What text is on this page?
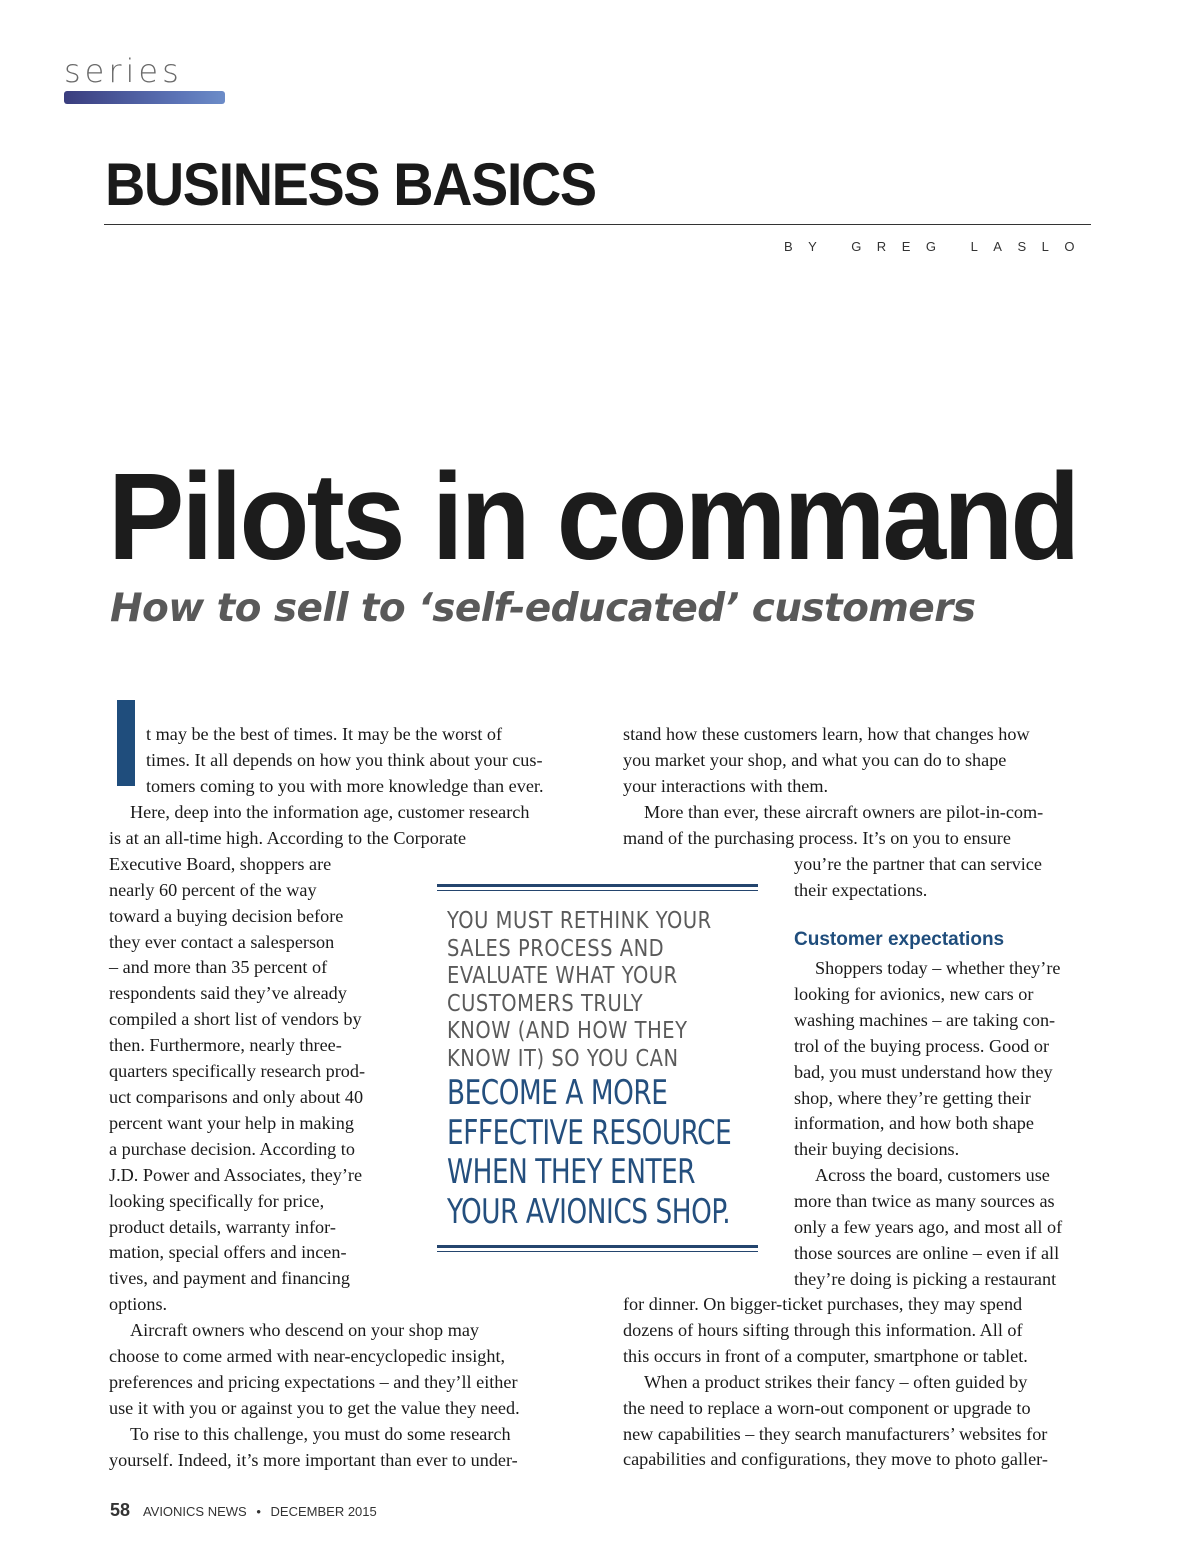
series
BUSINESS BASICS
BY GREG LASLO
Pilots in command
How to sell to ‘self-educated’ customers
t may be the best of times. It may be the worst of
times. It all depends on how you think about your cus-
tomers coming to you with more knowledge than ever.
Here, deep into the information age, customer research
is at an all-time high. According to the Corporate
Executive Board, shoppers are
nearly 60 percent of the way
toward a buying decision before
they ever contact a salesperson
– and more than 35 percent of
respondents said they’ve already
compiled a short list of vendors by
then. Furthermore, nearly three-
quarters specifically research prod-
uct comparisons and only about 40
percent want your help in making
a purchase decision. According to
J.D. Power and Associates, they’re
looking specifically for price,
product details, warranty infor-
mation, special offers and incen-
tives, and payment and financing
options.
Aircraft owners who descend on your shop may
choose to come armed with near-encyclopedic insight,
preferences and pricing expectations – and they’ll either
use it with you or against you to get the value they need.
To rise to this challenge, you must do some research
yourself. Indeed, it’s more important than ever to under-
YOU MUST RETHINK YOUR
SALES PROCESS AND
EVALUATE WHAT YOUR
CUSTOMERS TRULY
KNOW (AND HOW THEY
KNOW IT) SO YOU CAN
BECOME A MORE
EFFECTIVE RESOURCE
WHEN THEY ENTER
YOUR AVIONICS SHOP.
stand how these customers learn, how that changes how
you market your shop, and what you can do to shape
your interactions with them.
More than ever, these aircraft owners are pilot-in-com-
mand of the purchasing process. It’s on you to ensure
you’re the partner that can service
their expectations.
Customer expectations
Shoppers today – whether they’re
looking for avionics, new cars or
washing machines – are taking con-
trol of the buying process. Good or
bad, you must understand how they
shop, where they’re getting their
information, and how both shape
their buying decisions.
Across the board, customers use
more than twice as many sources as
only a few years ago, and most all of
those sources are online – even if all
they’re doing is picking a restaurant
for dinner. On bigger-ticket purchases, they may spend
dozens of hours sifting through this information. All of
this occurs in front of a computer, smartphone or tablet.
When a product strikes their fancy – often guided by
the need to replace a worn-out component or upgrade to
new capabilities – they search manufacturers’ websites for
capabilities and configurations, they move to photo galler-
58 AVIONICS NEWS • DECEMBER 2015
